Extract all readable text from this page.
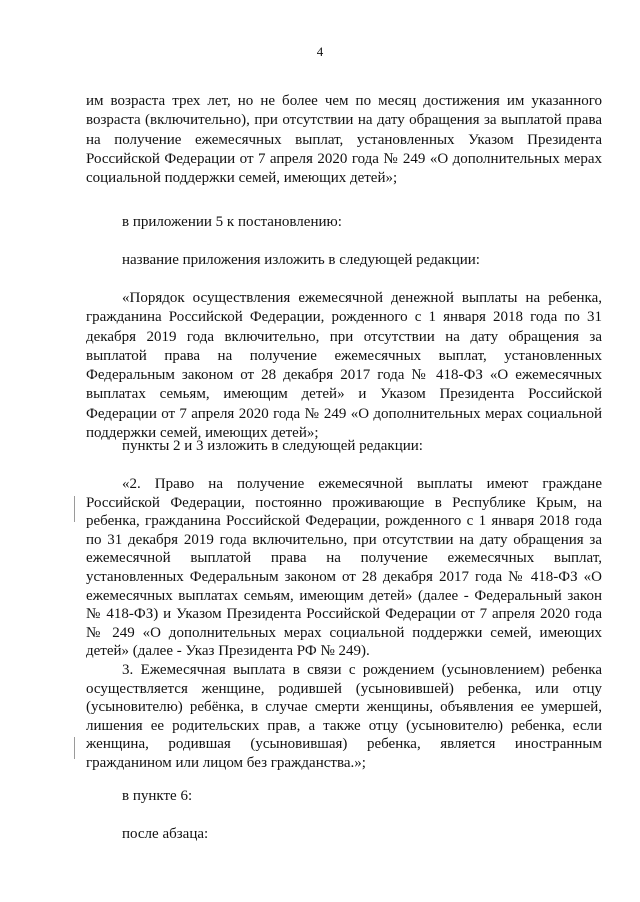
4

им возраста трех лет, но не более чем по месяц достижения им указанного возраста (включительно), при отсутствии на дату обращения за выплатой права на получение ежемесячных выплат, установленных Указом Президента Российской Федерации от 7 апреля 2020 года № 249 «О дополнительных мерах социальной поддержки семей, имеющих детей»;

в приложении 5 к постановлению:

название приложения изложить в следующей редакции:

«Порядок осуществления ежемесячной денежной выплаты на ребенка, гражданина Российской Федерации, рожденного с 1 января 2018 года по 31 декабря 2019 года включительно, при отсутствии на дату обращения за выплатой права на получение ежемесячных выплат, установленных Федеральным законом от 28 декабря 2017 года № 418-ФЗ «О ежемесячных выплатах семьям, имеющим детей» и Указом Президента Российской Федерации от 7 апреля 2020 года № 249 «О дополнительных мерах социальной поддержки семей, имеющих детей»;

пункты 2 и 3 изложить в следующей редакции:

«2. Право на получение ежемесячной выплаты имеют граждане Российской Федерации, постоянно проживающие в Республике Крым, на ребенка, гражданина Российской Федерации, рожденного с 1 января 2018 года по 31 декабря 2019 года включительно, при отсутствии на дату обращения за ежемесячной выплатой права на получение ежемесячных выплат, установленных Федеральным законом от 28 декабря 2017 года № 418-ФЗ «О ежемесячных выплатах семьям, имеющим детей» (далее - Федеральный закон № 418-ФЗ) и Указом Президента Российской Федерации от 7 апреля 2020 года № 249 «О дополнительных мерах социальной поддержки семей, имеющих детей» (далее - Указ Президента РФ № 249).

3. Ежемесячная выплата в связи с рождением (усыновлением) ребенка осуществляется женщине, родившей (усыновившей) ребенка, или отцу (усыновителю) ребёнка, в случае смерти женщины, объявления ее умершей, лишения ее родительских прав, а также отцу (усыновителю) ребенка, если женщина, родившая (усыновившая) ребенка, является иностранным гражданином или лицом без гражданства.»;

в пункте 6:

после абзаца:
